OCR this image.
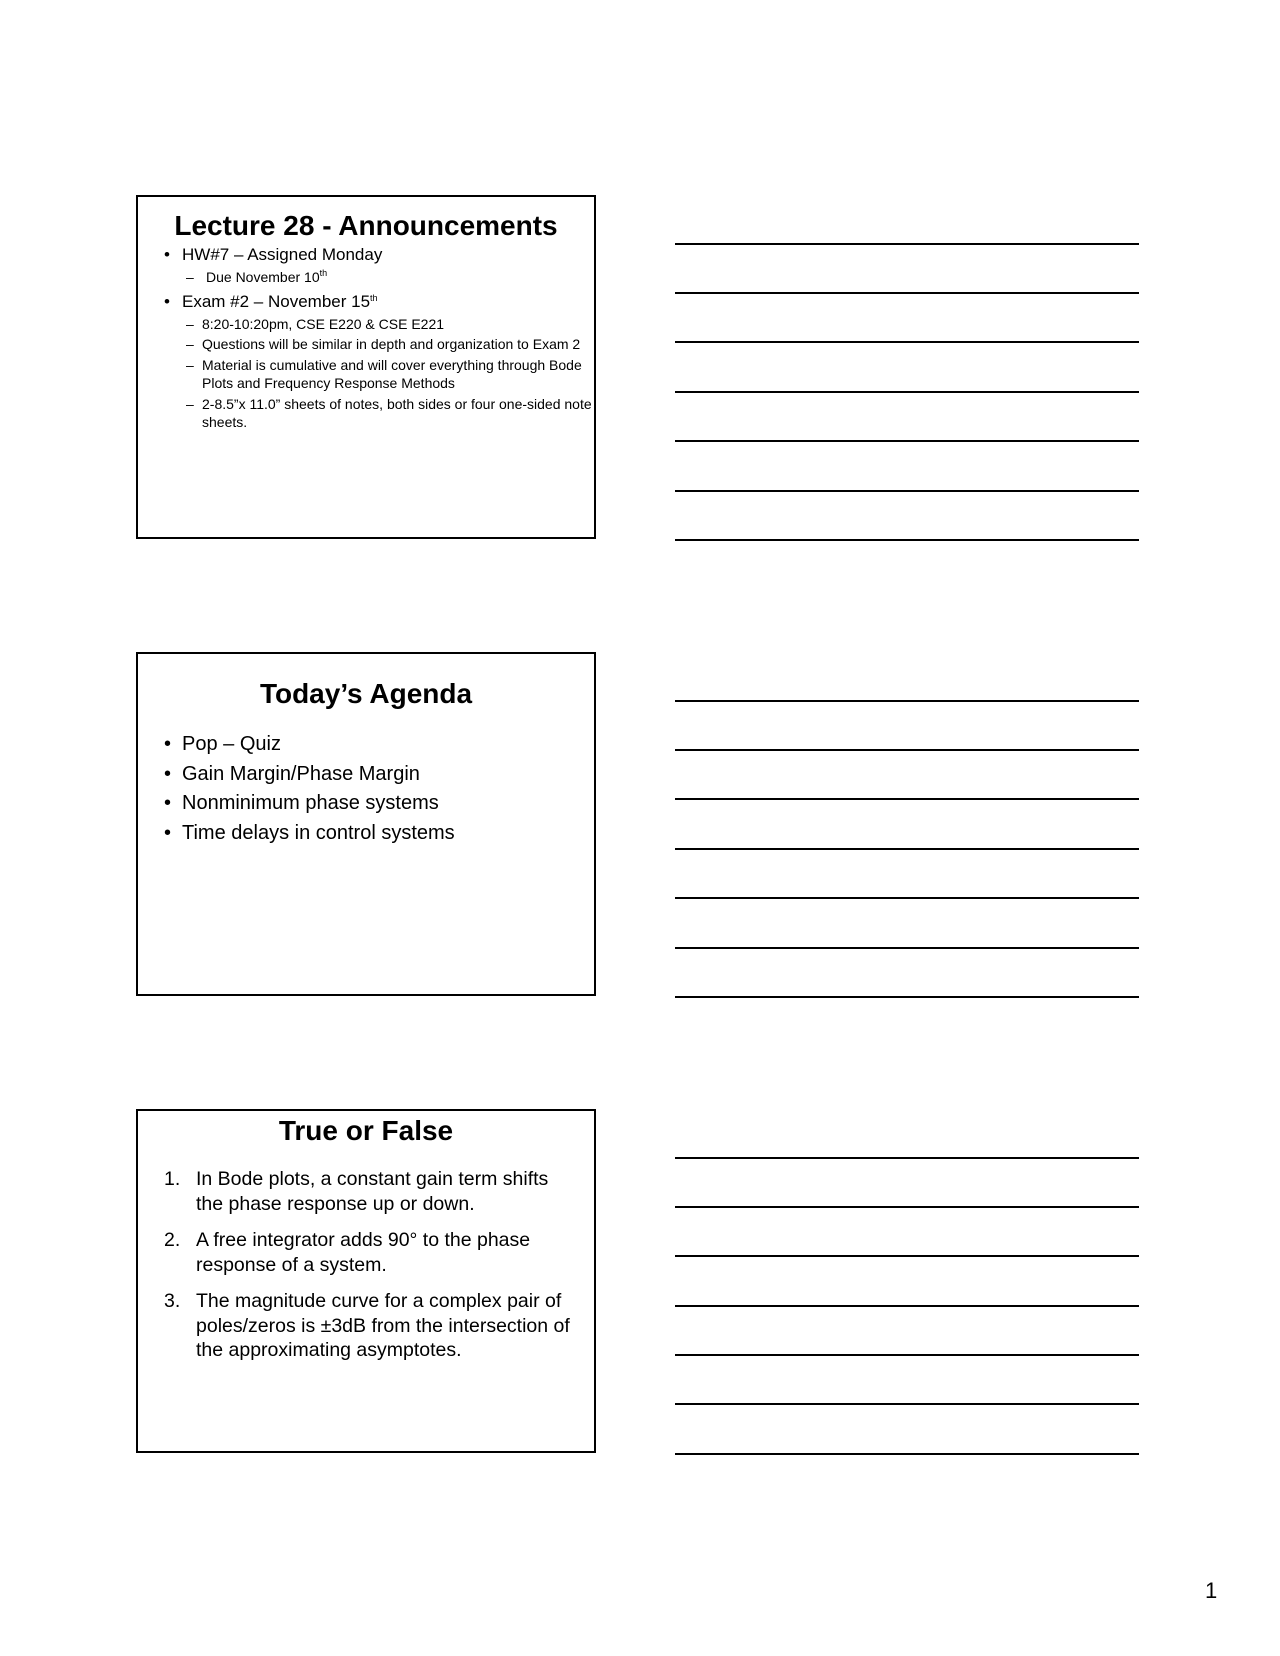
Lecture 28 - Announcements
• HW#7 – Assigned Monday
– Due November 10th
• Exam #2 – November 15th
– 8:20-10:20pm, CSE E220 & CSE E221
– Questions will be similar in depth and organization to Exam 2
– Material is cumulative and will cover everything through Bode Plots and Frequency Response Methods
– 2-8.5”x 11.0” sheets of notes, both sides or four one-sided note sheets.
Today’s Agenda
• Pop – Quiz
• Gain Margin/Phase Margin
• Nonminimum phase systems
• Time delays in control systems
True or False
1. In Bode plots, a constant gain term shifts the phase response up or down.
2. A free integrator adds 90° to the phase response of a system.
3. The magnitude curve for a complex pair of poles/zeros is ±3dB from the intersection of the approximating asymptotes.
1
